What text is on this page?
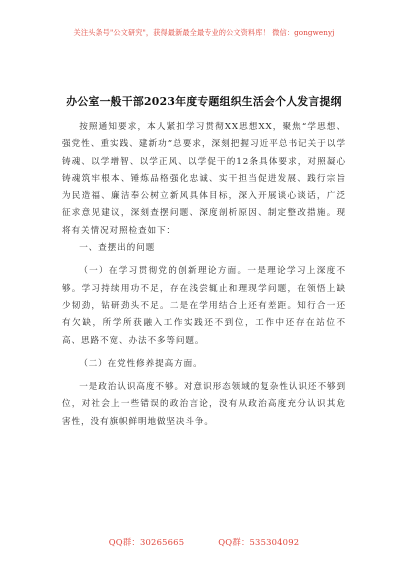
关注头条号"公文研究"，获得最新最全最专业的公文资料库！ 微信：gongwenyj
办公室一般干部2023年度专题组织生活会个人发言提纲

按照通知要求，本人紧扣学习贯彻XX思想XX，聚焦“学思想、强党性、重实践、建新功”总要求，深刻把握习近平总书记关于以学铸魂、以学增智、以学正风、以学促干的12条具体要求，对照凝心铸魂筑牢根本、锤炼品格强化忠诚、实干担当促进发展、践行宗旨为民造福、廉洁奉公树立新风具体目标，深入开展谈心谈话，广泛征求意见建议，深刻查摆问题、深度剖析原因、制定整改措施。现将有关情况对照检查如下：

一、查摆出的问题

（一）在学习贯彻党的创新理论方面。一是理论学习上深度不够。学习持续用功不足，存在浅尝辄止和理现学问题，在领悟上缺少韧劲，钻研劲头不足。二是在学用结合上还有差距。知行合一还有欠缺，所学所获融入工作实践还不到位，工作中还存在站位不高、思路不宽、办法不多等问题。

（二）在党性修养提高方面。

一是政治认识高度不够。对意识形态领域的复杂性认识还不够到位，对社会上一些错误的政治言论，没有从政治高度充分认识其危害性，没有旗帜鲜明地做坚决斗争。

QQ群：30265665	QQ群：535304092
